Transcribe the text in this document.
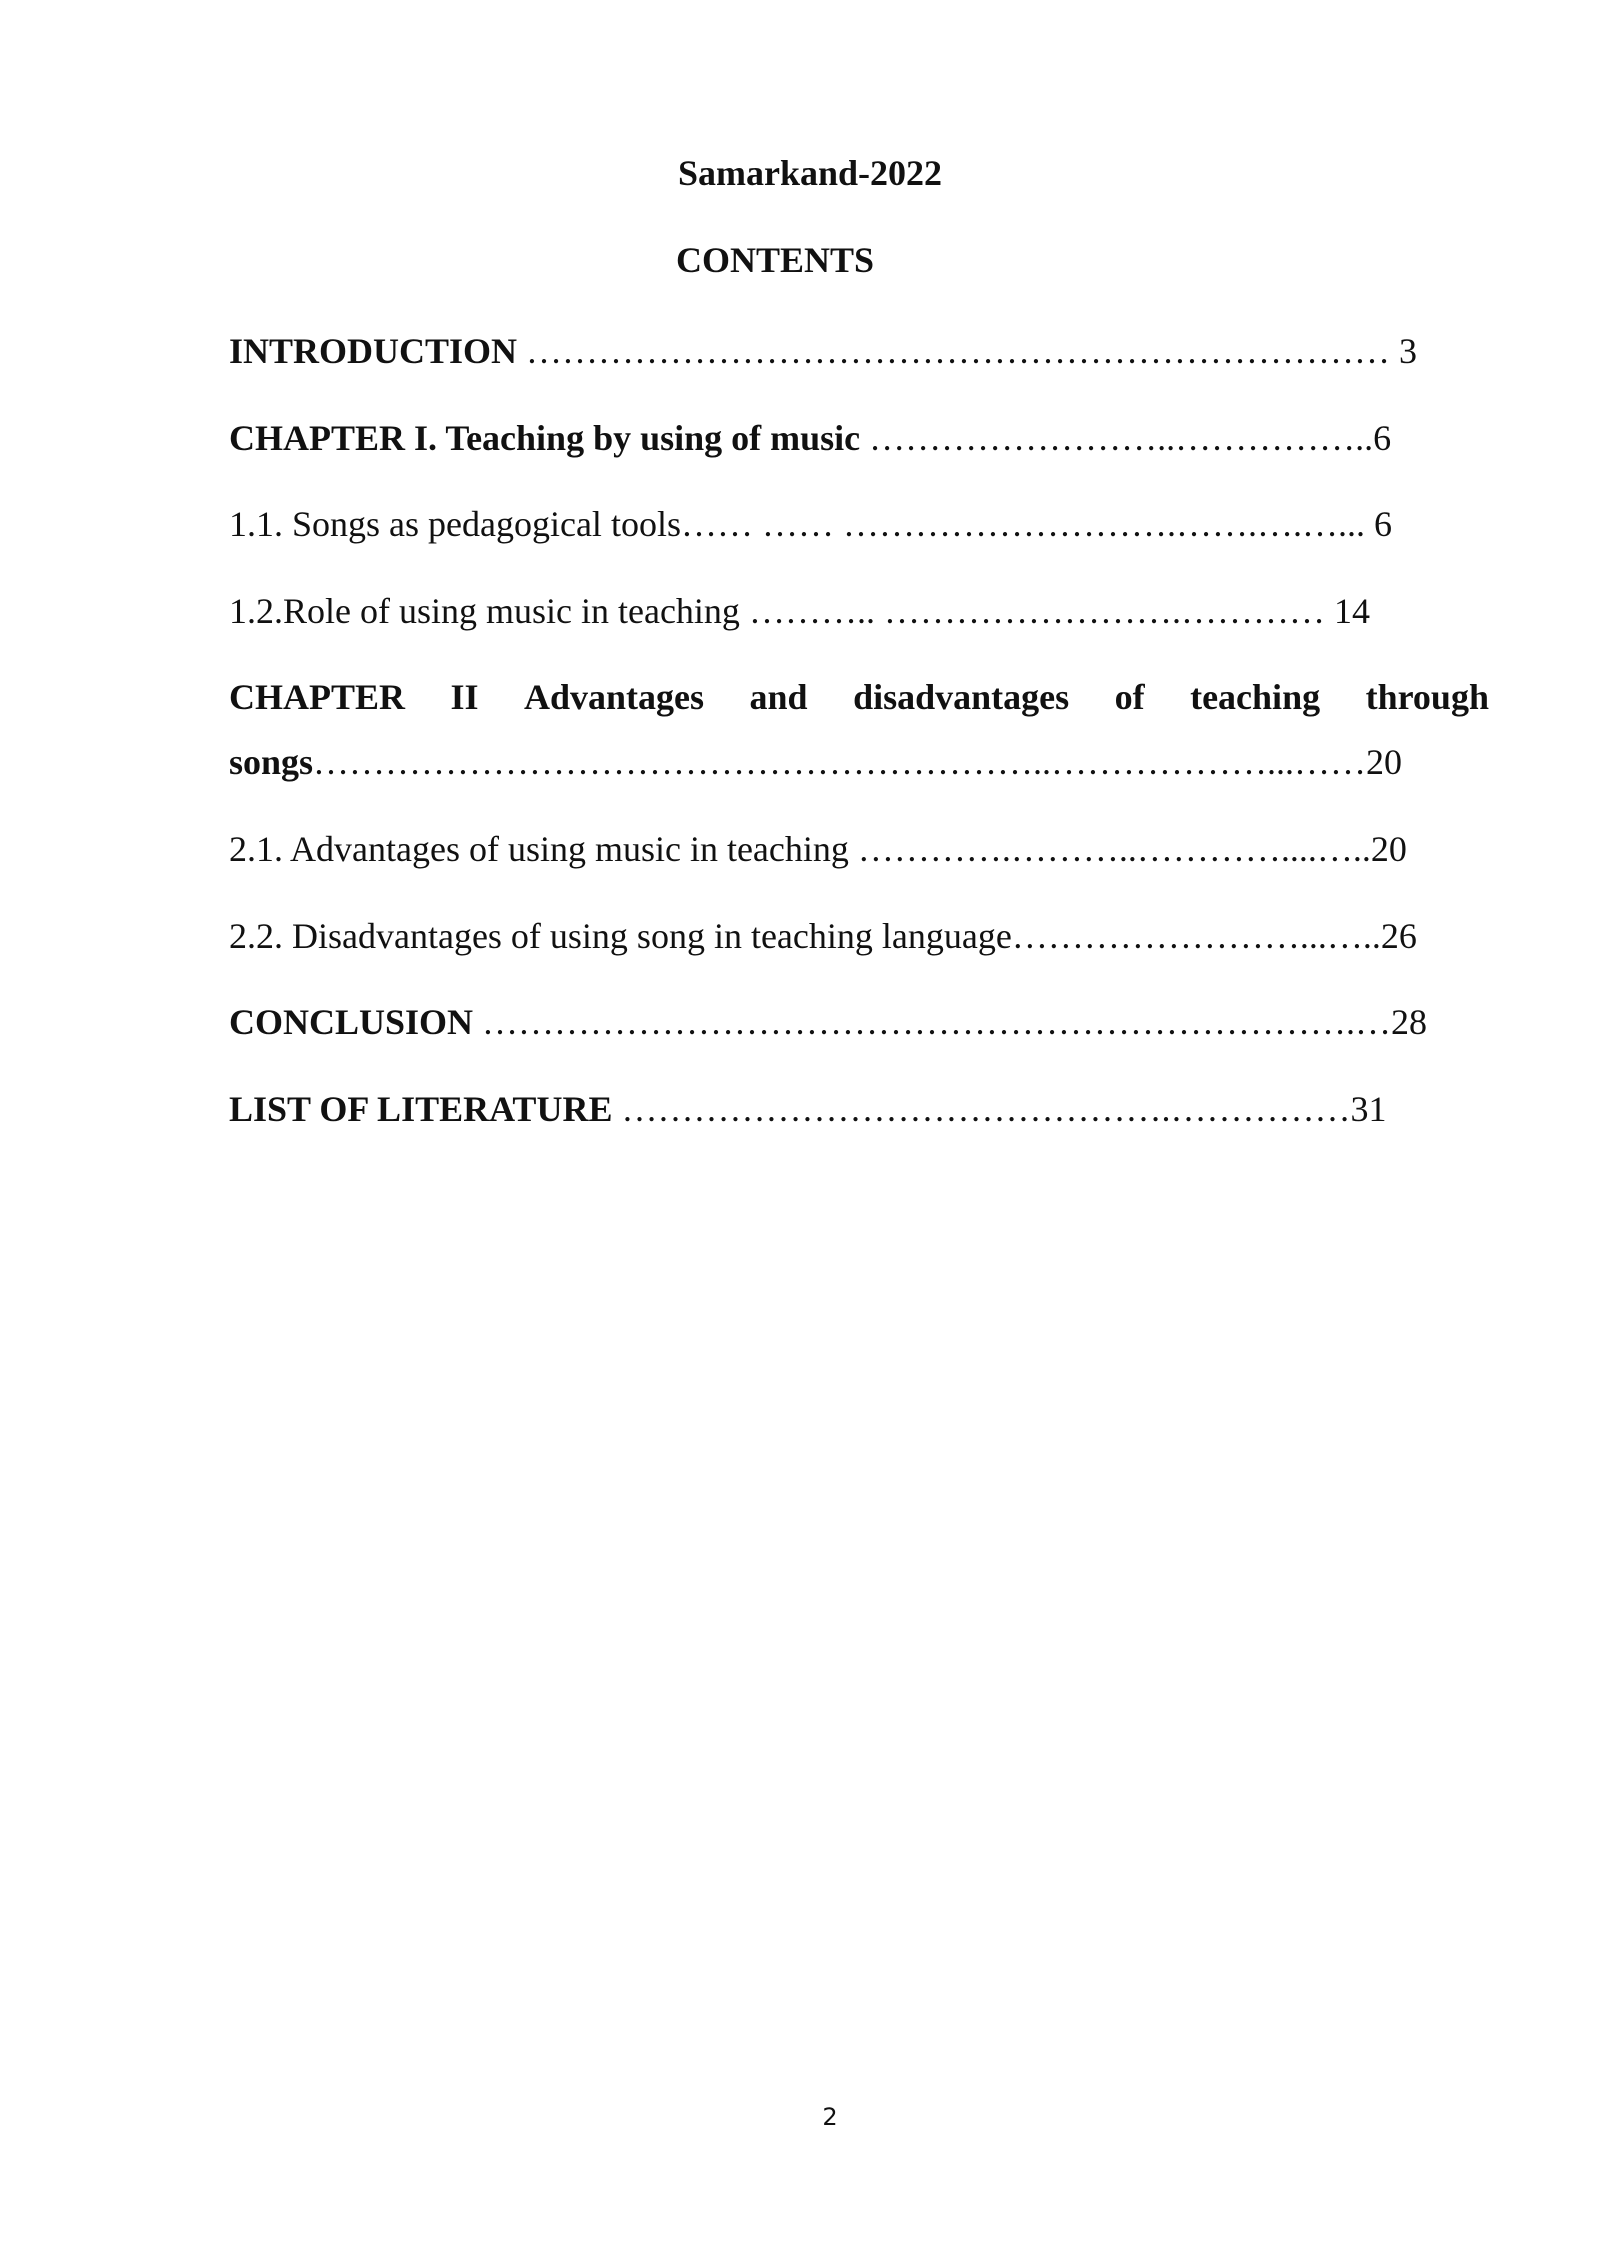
Samarkand-2022
CONTENTS
INTRODUCTION ……………………………………………………………… 3
CHAPTER I. Teaching by using of music ……………………..……………..6
1.1. Songs as pedagogical tools…… …… ……………………….…….….…... 6
1.2.Role of using music in teaching ……….. …………………….………… 14
CHAPTER II Advantages and disadvantages of teaching through
songs……………………………………………………..………………...……20
2.1. Advantages of using music in teaching ………….………..…………....…..20
2.2. Disadvantages of using song in teaching language……………………...…..26
CONCLUSION ……………………………………………………………….…28
LIST OF LITERATURE ……………………………………….……………31
2
